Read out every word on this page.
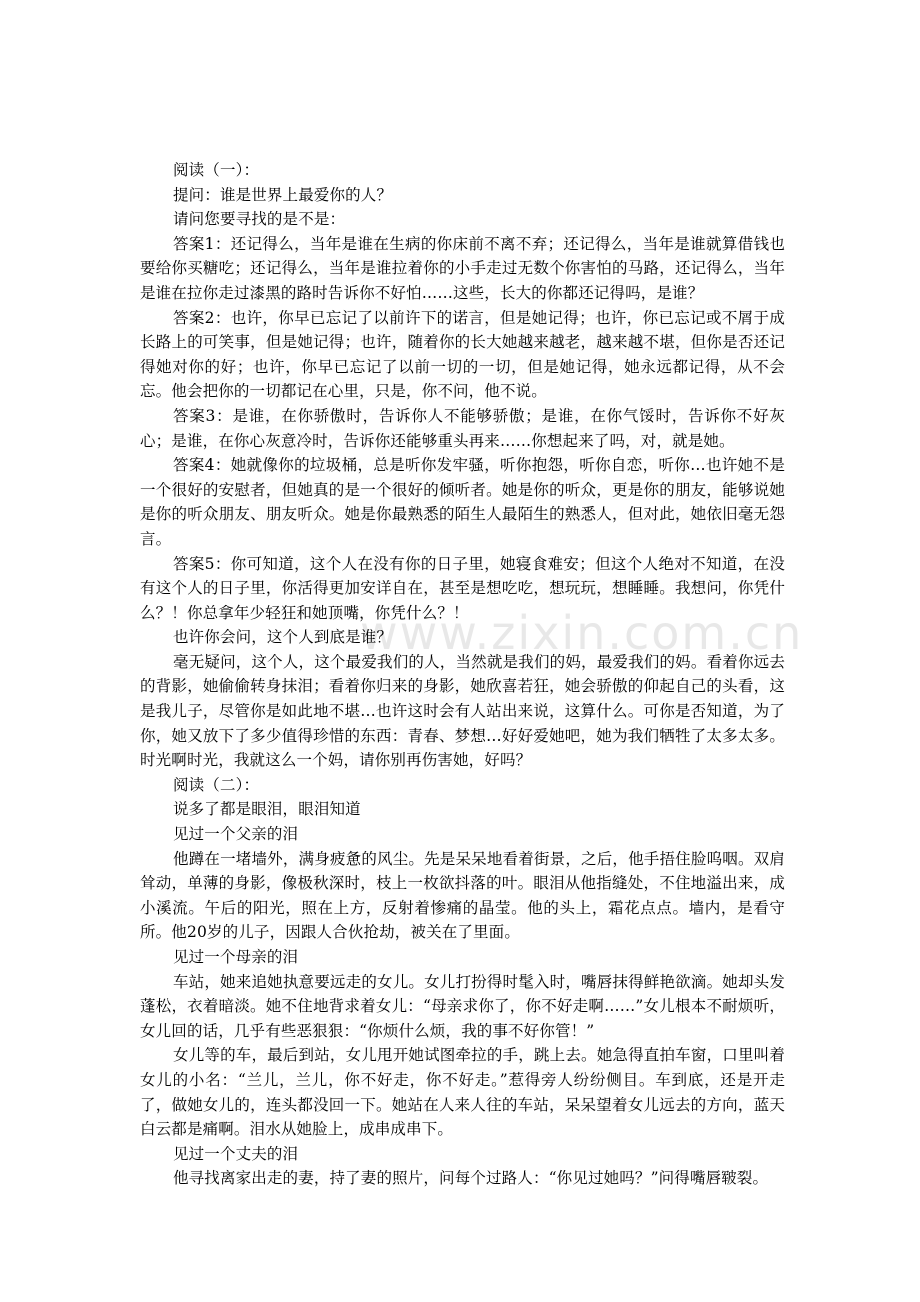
www.zixin.com.cn

阅读（一）：

提问：谁是世界上最爱你的人？

请问您要寻找的是不是：

答案1：还记得么，当年是谁在生病的你床前不离不弃；还记得么，当年是谁就算借钱也要给你买糖吃；还记得么，当年是谁拉着你的小手走过无数个你害怕的马路，还记得么，当年是谁在拉你走过漆黑的路时告诉你不好怕……这些，长大的你都还记得吗，是谁？

答案2：也许，你早已忘记了以前许下的诺言，但是她记得；也许，你已忘记或不屑于成长路上的可笑事，但是她记得；也许，随着你的长大她越来越老，越来越不堪，但你是否还记得她对你的好；也许，你早已忘记了以前一切的一切，但是她记得，她永远都记得，从不会忘。他会把你的一切都记在心里，只是，你不问，他不说。

答案3：是谁，在你骄傲时，告诉你人不能够骄傲；是谁，在你气馁时，告诉你不好灰心；是谁，在你心灰意冷时，告诉你还能够重头再来……你想起来了吗，对，就是她。

答案4：她就像你的垃圾桶，总是听你发牢骚，听你抱怨，听你自恋，听你…也许她不是一个很好的安慰者，但她真的是一个很好的倾听者。她是你的听众，更是你的朋友，能够说她是你的听众朋友、朋友听众。她是你最熟悉的陌生人最陌生的熟悉人，但对此，她依旧毫无怨言。

答案5：你可知道，这个人在没有你的日子里，她寝食难安；但这个人绝对不知道，在没有这个人的日子里，你活得更加安详自在，甚至是想吃吃，想玩玩，想睡睡。我想问，你凭什么？！你总拿年少轻狂和她顶嘴，你凭什么？！

也许你会问，这个人到底是谁？

毫无疑问，这个人，这个最爱我们的人，当然就是我们的妈，最爱我们的妈。看着你远去的背影，她偷偷转身抹泪；看着你归来的身影，她欣喜若狂，她会骄傲的仰起自己的头看，这是我儿子，尽管你是如此地不堪…也许这时会有人站出来说，这算什么。可你是否知道，为了你，她又放下了多少值得珍惜的东西：青春、梦想…好好爱她吧，她为我们牺牲了太多太多。时光啊时光，我就这么一个妈，请你别再伤害她，好吗？

阅读（二）：

说多了都是眼泪，眼泪知道

见过一个父亲的泪

他蹲在一堵墙外，满身疲惫的风尘。先是呆呆地看着街景，之后，他手捂住脸呜咽。双肩耸动，单薄的身影，像极秋深时，枝上一枚欲抖落的叶。眼泪从他指缝处，不住地溢出来，成小溪流。午后的阳光，照在上方，反射着惨痛的晶莹。他的头上，霜花点点。墙内，是看守所。他20岁的儿子，因跟人合伙抢劫，被关在了里面。

见过一个母亲的泪

车站，她来追她执意要远走的女儿。女儿打扮得时髦入时，嘴唇抹得鲜艳欲滴。她却头发蓬松，衣着暗淡。她不住地背求着女儿：“母亲求你了，你不好走啊……”女儿根本不耐烦听，女儿回的话，几乎有些恶狠狠：“你烦什么烦，我的事不好你管！”

女儿等的车，最后到站，女儿甩开她试图牵拉的手，跳上去。她急得直拍车窗，口里叫着女儿的小名：“兰儿，兰儿，你不好走，你不好走。”惹得旁人纷纷侧目。车到底，还是开走了，做她女儿的，连头都没回一下。她站在人来人往的车站，呆呆望着女儿远去的方向，蓝天白云都是痛啊。泪水从她脸上，成串成串下。

见过一个丈夫的泪

他寻找离家出走的妻，持了妻的照片，问每个过路人：“你见过她吗？”问得嘴唇皲裂。
